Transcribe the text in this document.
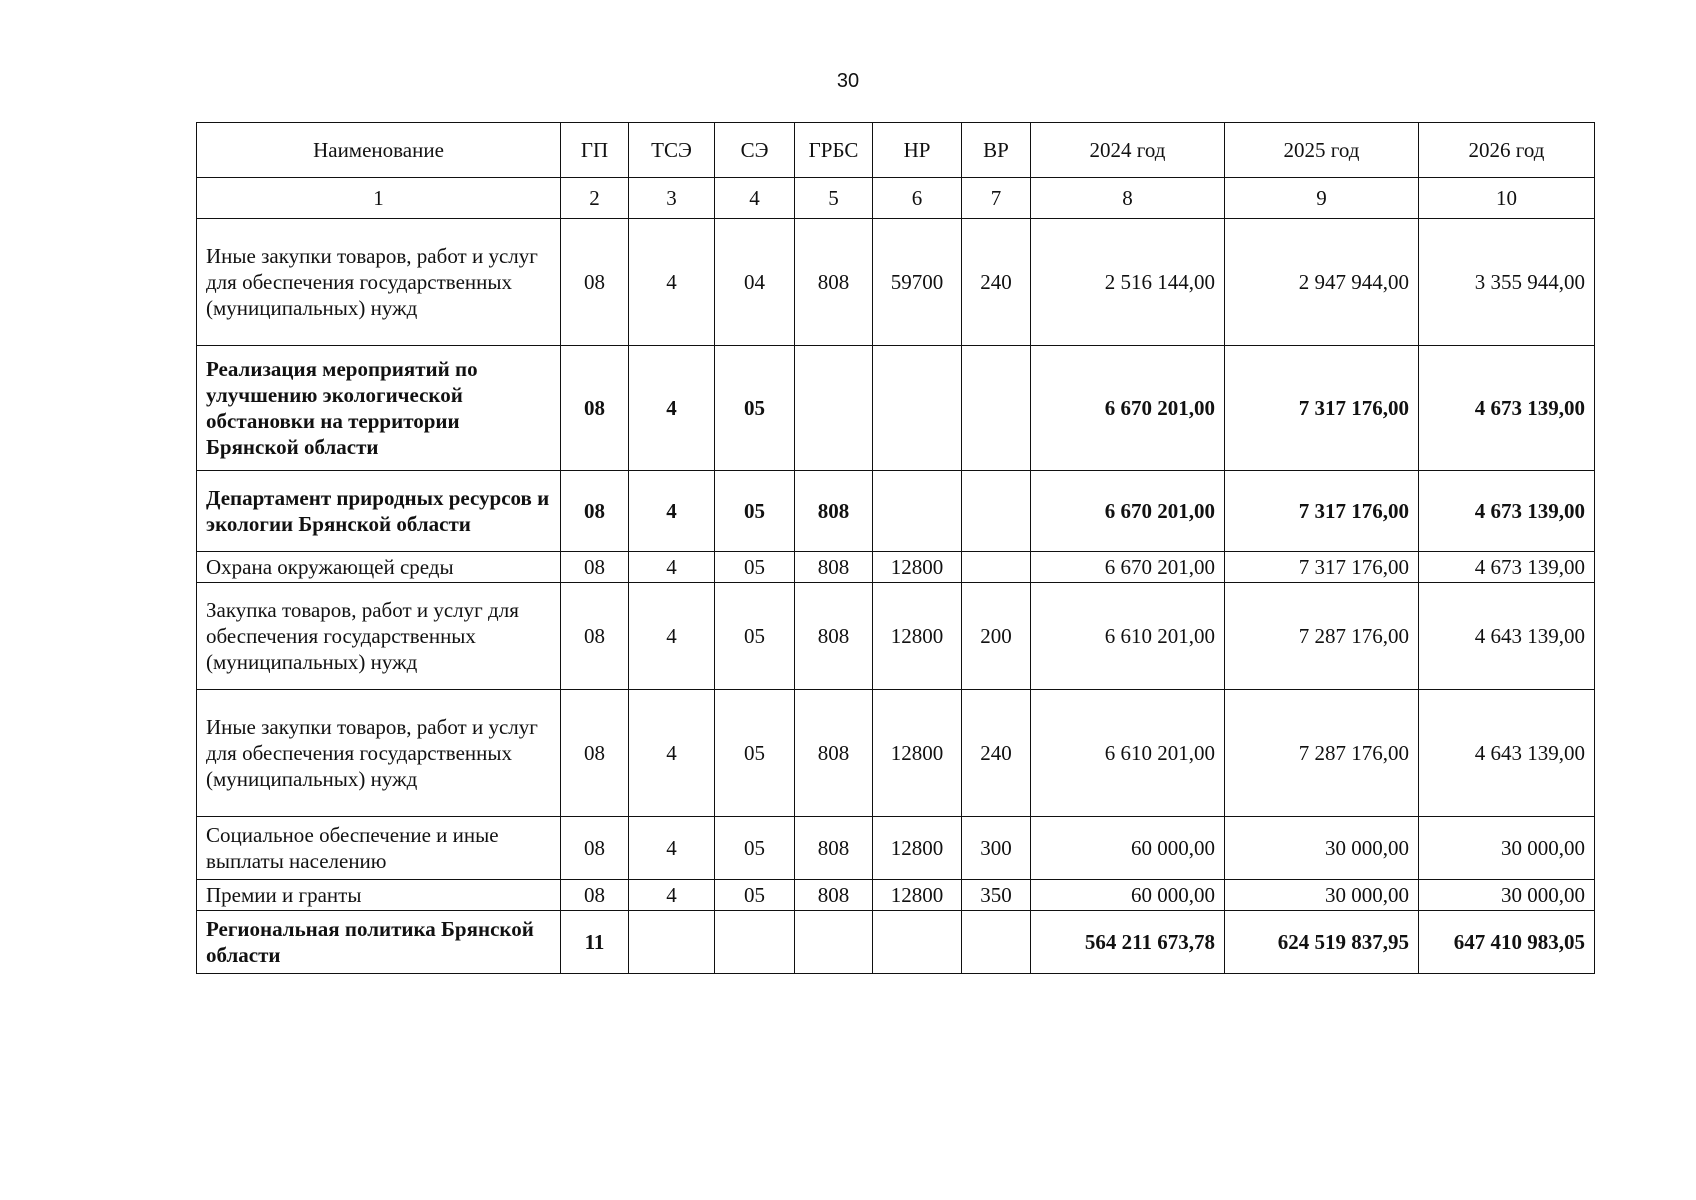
30
Наименование	ГП	ТСЭ	СЭ	ГРБС	НР	ВР	2024 год	2025 год	2026 год
1	2	3	4	5	6	7	8	9	10
Иные закупки товаров, работ и услуг для обеспечения государственных (муниципальных) нужд	08	4	04	808	59700	240	2 516 144,00	2 947 944,00	3 355 944,00
Реализация мероприятий по улучшению экологической обстановки на территории Брянской области	08	4	05				6 670 201,00	7 317 176,00	4 673 139,00
Департамент природных ресурсов и экологии Брянской области	08	4	05	808			6 670 201,00	7 317 176,00	4 673 139,00
Охрана окружающей среды	08	4	05	808	12800		6 670 201,00	7 317 176,00	4 673 139,00
Закупка товаров, работ и услуг для обеспечения государственных (муниципальных) нужд	08	4	05	808	12800	200	6 610 201,00	7 287 176,00	4 643 139,00
Иные закупки товаров, работ и услуг для обеспечения государственных (муниципальных) нужд	08	4	05	808	12800	240	6 610 201,00	7 287 176,00	4 643 139,00
Социальное обеспечение и иные выплаты населению	08	4	05	808	12800	300	60 000,00	30 000,00	30 000,00
Премии и гранты	08	4	05	808	12800	350	60 000,00	30 000,00	30 000,00
Региональная политика Брянской области	11						564 211 673,78	624 519 837,95	647 410 983,05
